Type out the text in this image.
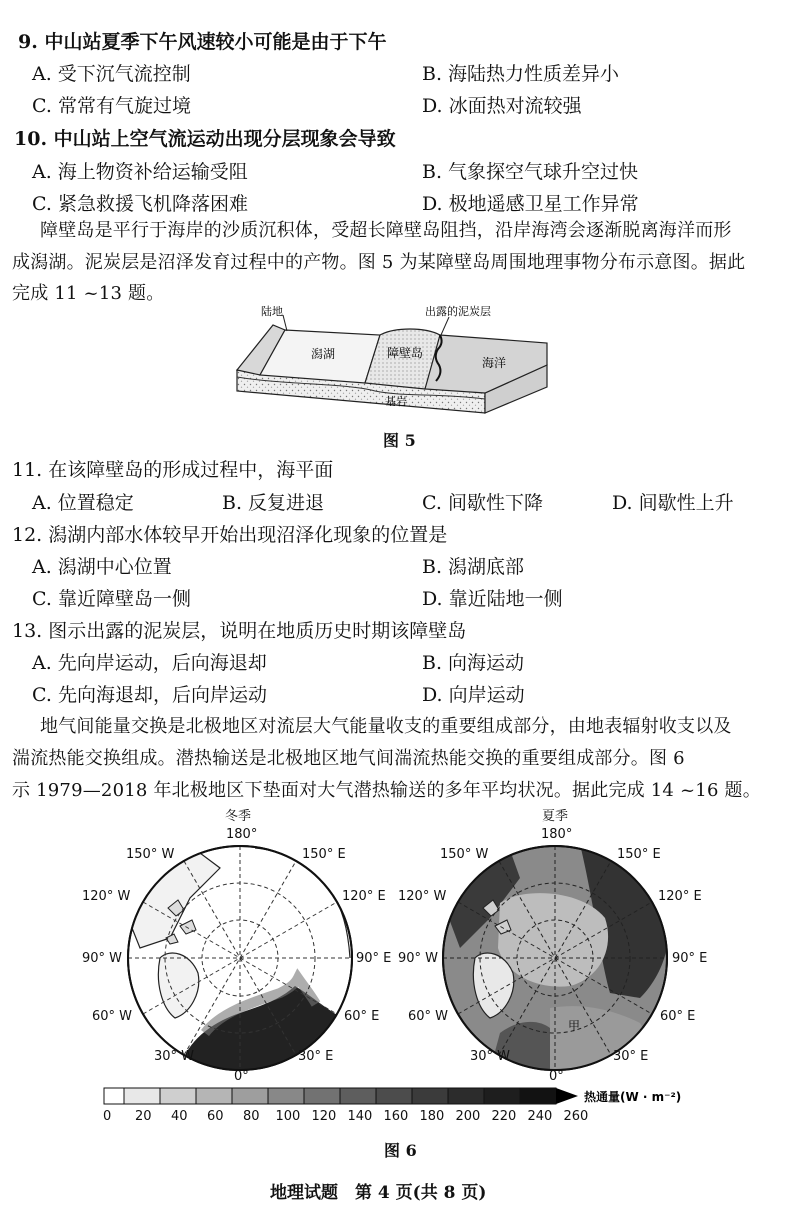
9. 中山站夏季下午风速较小可能是由于下午
A. 受下沉气流控制	B. 海陆热力性质差异小
C. 常常有气旋过境	D. 冰面热对流较强
10. 中山站上空气流运动出现分层现象会导致
A. 海上物资补给运输受阻	B. 气象探空气球升空过快
C. 紧急救援飞机降落困难	D. 极地遥感卫星工作异常
障壁岛是平行于海岸的沙质沉积体，受超长障壁岛阻挡，沿岸海湾会逐渐脱离海洋而形
成潟湖。泥炭层是沼泽发育过程中的产物。图 5 为某障壁岛周围地理事物分布示意图。据此
完成 11 ~13 题。
陆地	出露的泥炭层
潟湖	障壁岛
海洋
基岩
图 5
11. 在该障壁岛的形成过程中，海平面
A. 位置稳定	B. 反复进退	C. 间歇性下降	D. 间歇性上升
12. 潟湖内部水体较早开始出现沼泽化现象的位置是
A. 潟湖中心位置	B. 潟湖底部
C. 靠近障壁岛一侧	D. 靠近陆地一侧
13. 图示出露的泥炭层，说明在地质历史时期该障壁岛
A. 先向岸运动，后向海退却	B. 向海运动
C. 先向海退却，后向岸运动	D. 向岸运动
地气间能量交换是北极地区对流层大气能量收支的重要组成部分，由地表辐射收支以及
湍流热能交换组成。潜热输送是北极地区地气间湍流热能交换的重要组成部分。图 6
示 1979—2018 年北极地区下垫面对大气潜热输送的多年平均状况。据此完成 14 ~16 题。
冬季
180°
150° W	150° E
120° W	120° E
90° W	90° E
60° W	60° E
30° W	30° E
0°
夏季
180°
150° W	150° E
120° W	120° E
90° W	90° E
60° W	60° E
30° W	30° E
0°
甲
热通量(W · m⁻²)
0 20 40 60 80 100 120 140 160 180 200 220 240 260
图 6
地理试题　第 4 页(共 8 页)
